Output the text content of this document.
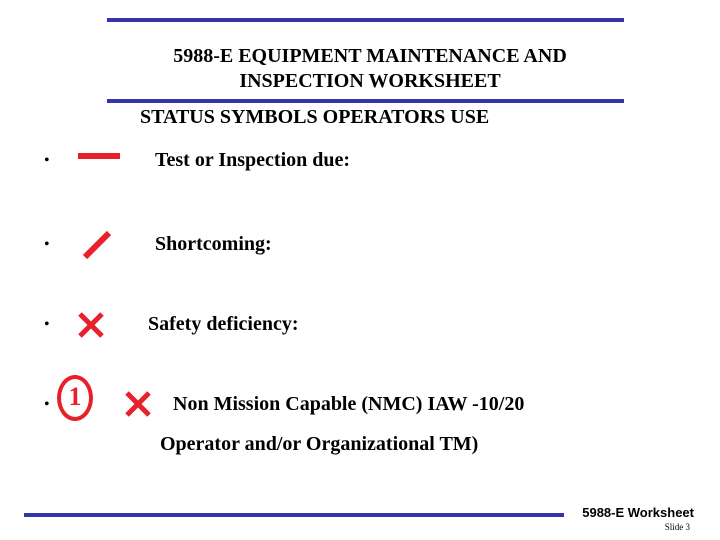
5988-E EQUIPMENT MAINTENANCE AND
INSPECTION WORKSHEET
STATUS SYMBOLS OPERATORS USE
•	Test or Inspection due:
•	Shortcoming:
•	Safety deficiency:
• 1	Non Mission Capable (NMC) IAW -10/20
Operator and/or Organizational TM)
5988-E Worksheet
Slide 3
